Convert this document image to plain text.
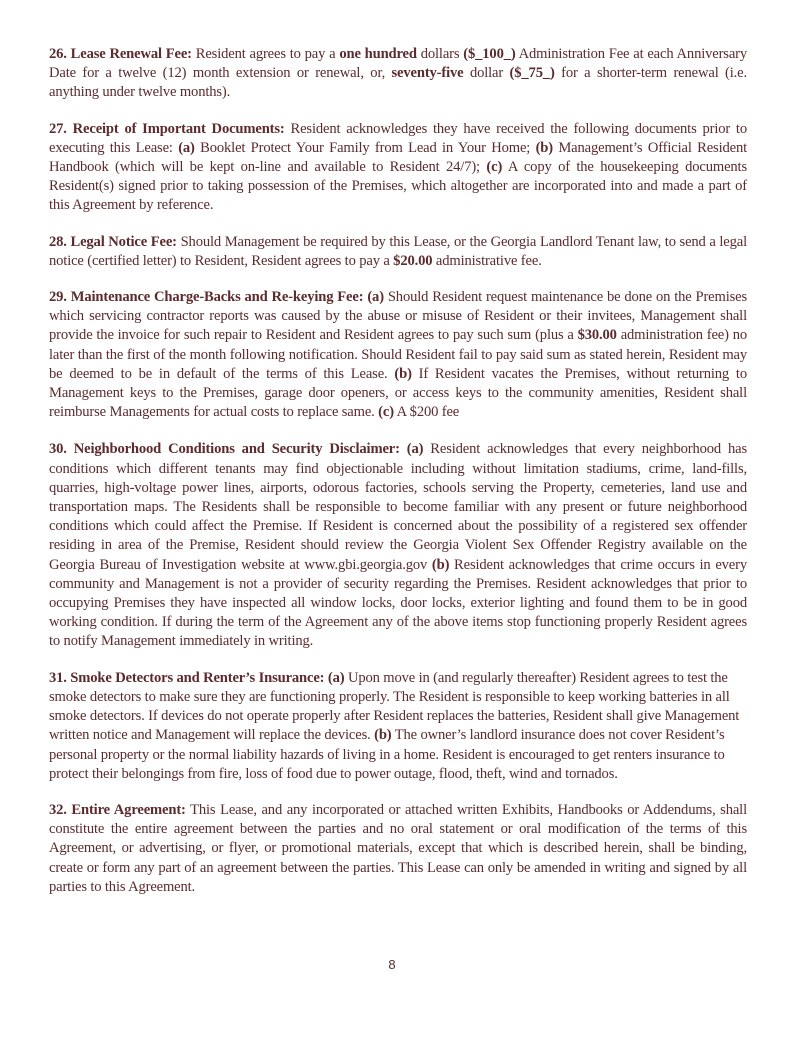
26. Lease Renewal Fee: Resident agrees to pay a one hundred dollars ($_100_) Administration Fee at each Anniversary Date for a twelve (12) month extension or renewal, or, seventy-five dollar ($_75_) for a shorter-term renewal (i.e. anything under twelve months).

27. Receipt of Important Documents: Resident acknowledges they have received the following documents prior to executing this Lease: (a) Booklet Protect Your Family from Lead in Your Home; (b) Management’s Official Resident Handbook (which will be kept on-line and available to Resident 24/7); (c) A copy of the housekeeping documents Resident(s) signed prior to taking possession of the Premises, which altogether are incorporated into and made a part of this Agreement by reference.

28. Legal Notice Fee: Should Management be required by this Lease, or the Georgia Landlord Tenant law, to send a legal notice (certified letter) to Resident, Resident agrees to pay a $20.00 administrative fee.

29. Maintenance Charge-Backs and Re-keying Fee: (a) Should Resident request maintenance be done on the Premises which servicing contractor reports was caused by the abuse or misuse of Resident or their invitees, Management shall provide the invoice for such repair to Resident and Resident agrees to pay such sum (plus a $30.00 administration fee) no later than the first of the month following notification. Should Resident fail to pay said sum as stated herein, Resident may be deemed to be in default of the terms of this Lease. (b) If Resident vacates the Premises, without returning to Management keys to the Premises, garage door openers, or access keys to the community amenities, Resident shall reimburse Managements for actual costs to replace same. (c) A $200 fee

30. Neighborhood Conditions and Security Disclaimer: (a) Resident acknowledges that every neighborhood has conditions which different tenants may find objectionable including without limitation stadiums, crime, land-fills, quarries, high-voltage power lines, airports, odorous factories, schools serving the Property, cemeteries, land use and transportation maps. The Residents shall be responsible to become familiar with any present or future neighborhood conditions which could affect the Premise. If Resident is concerned about the possibility of a registered sex offender residing in area of the Premise, Resident should review the Georgia Violent Sex Offender Registry available on the Georgia Bureau of Investigation website at www.gbi.georgia.gov (b) Resident acknowledges that crime occurs in every community and Management is not a provider of security regarding the Premises. Resident acknowledges that prior to occupying Premises they have inspected all window locks, door locks, exterior lighting and found them to be in good working condition. If during the term of the Agreement any of the above items stop functioning properly Resident agrees to notify Management immediately in writing.

31. Smoke Detectors and Renter’s Insurance: (a) Upon move in (and regularly thereafter) Resident agrees to test the smoke detectors to make sure they are functioning properly. The Resident is responsible to keep working batteries in all smoke detectors. If devices do not operate properly after Resident replaces the batteries, Resident shall give Management written notice and Management will replace the devices. (b) The owner’s landlord insurance does not cover Resident’s personal property or the normal liability hazards of living in a home. Resident is encouraged to get renters insurance to protect their belongings from fire, loss of food due to power outage, flood, theft, wind and tornados.

32. Entire Agreement: This Lease, and any incorporated or attached written Exhibits, Handbooks or Addendums, shall constitute the entire agreement between the parties and no oral statement or oral modification of the terms of this Agreement, or advertising, or flyer, or promotional materials, except that which is described herein, shall be binding, create or form any part of an agreement between the parties. This Lease can only be amended in writing and signed by all parties to this Agreement.

8
